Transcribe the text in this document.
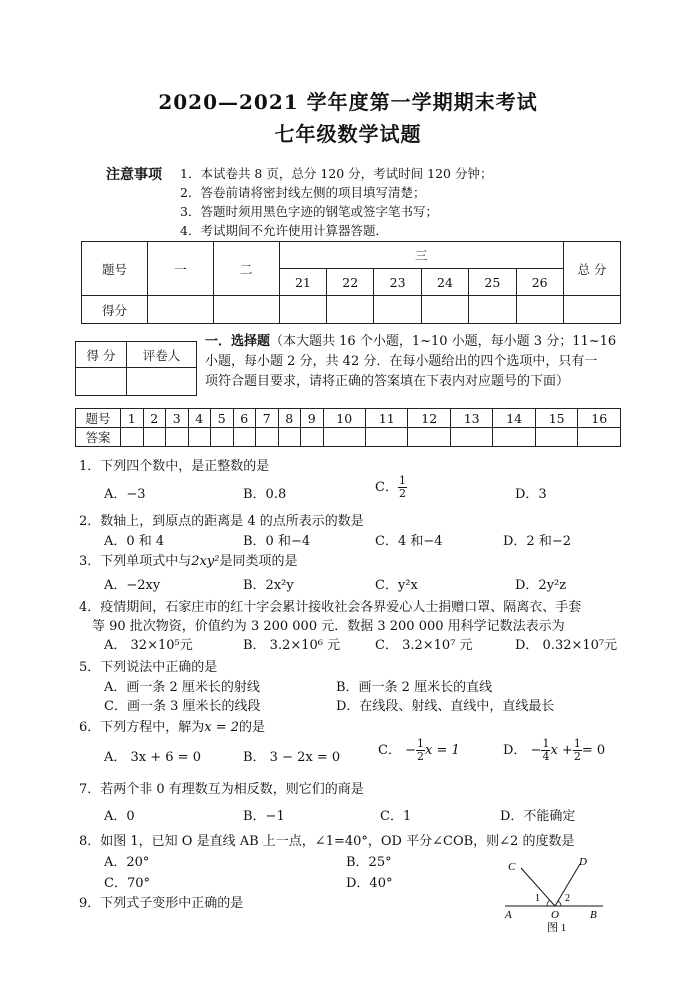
2020—2021 学年度第一学期期末考试
七年级数学试题
注意事项 1．本试卷共 8 页，总分 120 分，考试时间 120 分钟；
2．答卷前请将密封线左侧的项目填写清楚；
3．答题时须用黑色字迹的钢笔或签字笔书写；
4．考试期间不允许使用计算器答题．
题号	一	二	三						总 分
			21	22	23	24	25	26	
得分									
得 分	评卷人

一．选择题（本大题共 16 个小题，1~10 小题，每小题 3 分；11~16
小题，每小题 2 分，共 42 分．在每小题给出的四个选项中，只有一
项符合题目要求，请将正确的答案填在下表内对应题号的下面）
题号	1	2	3	4	5	6	7	8	9	10	11	12	13	14	15	16
答案																
1．下列四个数中，是正整数的是
A．−3	B．0.8	C． $\frac{1}{2}$	D．3
2．数轴上，到原点的距离是 4 的点所表示的数是
A．0 和 4	B．0 和−4	C．4 和−4	D．2 和−2
3．下列单项式中与2xy²是同类项的是
A．−2xy	B．2x²y	C．y²x	D．2y²z
4．疫情期间，石家庄市的红十字会累计接收社会各界爱心人士捐赠口罩、隔离衣、手套
等 90 批次物资，价值约为 3 200 000 元．数据 3 200 000 用科学记数法表示为
A． 32×10⁵元	B． 3.2×10⁶ 元	C． 3.2×10⁷ 元	D． 0.32×10⁷元
5．下列说法中正确的是
A．画一条 2 厘米长的射线	B．画一条 2 厘米长的直线
C．画一条 3 厘米长的线段	D．在线段、射线、直线中，直线最长
6．下列方程中，解为x = 2的是
A． 3x + 6 = 0	B． 3 − 2x = 0	C． − $\frac{1}{2}$ x = 1	D． − $\frac{1}{4}$ $x + \frac{1}{2} = 0$
7．若两个非 0 有理数互为相反数，则它们的商是
A．0	B．−1	C．1	D．不能确定
8．如图 1，已知 O 是直线 AB 上一点，∠1=40°，OD 平分∠COB，则∠2 的度数是
A．20°	B．25°
C．70°	D．40°
9．下列式子变形中正确的是
C	D
A	O	B
1	2
图 1
